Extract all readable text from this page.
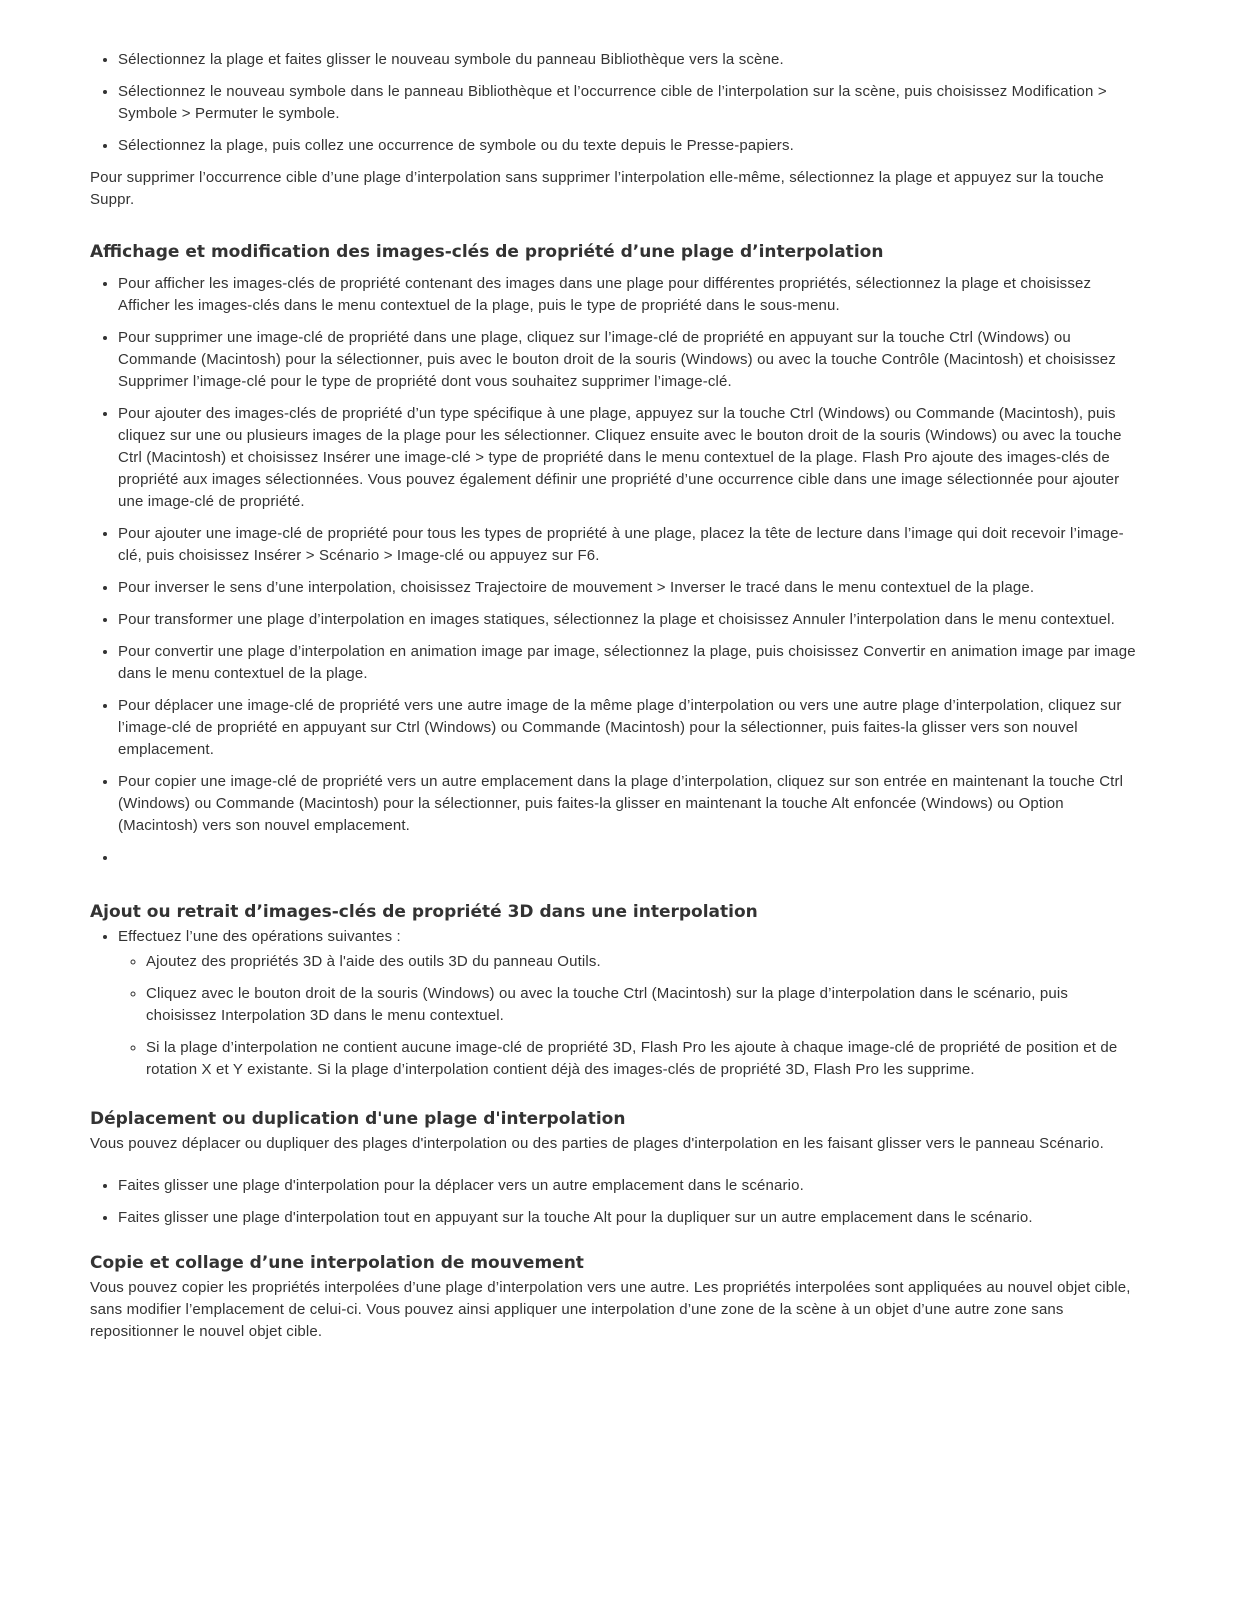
• Sélectionnez la plage et faites glisser le nouveau symbole du panneau Bibliothèque vers la scène.
• Sélectionnez le nouveau symbole dans le panneau Bibliothèque et l’occurrence cible de l’interpolation sur la scène, puis choisissez Modification > Symbole > Permuter le symbole.
• Sélectionnez la plage, puis collez une occurrence de symbole ou du texte depuis le Presse-papiers.

Pour supprimer l’occurrence cible d’une plage d’interpolation sans supprimer l’interpolation elle-même, sélectionnez la plage et appuyez sur la touche Suppr.

Affichage et modification des images-clés de propriété d’une plage d’interpolation
• Pour afficher les images-clés de propriété contenant des images dans une plage pour différentes propriétés, sélectionnez la plage et choisissez Afficher les images-clés dans le menu contextuel de la plage, puis le type de propriété dans le sous-menu.
• Pour supprimer une image-clé de propriété dans une plage, cliquez sur l’image-clé de propriété en appuyant sur la touche Ctrl (Windows) ou Commande (Macintosh) pour la sélectionner, puis avec le bouton droit de la souris (Windows) ou avec la touche Contrôle (Macintosh) et choisissez Supprimer l’image-clé pour le type de propriété dont vous souhaitez supprimer l’image-clé.
• Pour ajouter des images-clés de propriété d’un type spécifique à une plage, appuyez sur la touche Ctrl (Windows) ou Commande (Macintosh), puis cliquez sur une ou plusieurs images de la plage pour les sélectionner. Cliquez ensuite avec le bouton droit de la souris (Windows) ou avec la touche Ctrl (Macintosh) et choisissez Insérer une image-clé > type de propriété dans le menu contextuel de la plage. Flash Pro ajoute des images-clés de propriété aux images sélectionnées. Vous pouvez également définir une propriété d’une occurrence cible dans une image sélectionnée pour ajouter une image-clé de propriété.
• Pour ajouter une image-clé de propriété pour tous les types de propriété à une plage, placez la tête de lecture dans l’image qui doit recevoir l’image-clé, puis choisissez Insérer > Scénario > Image-clé ou appuyez sur F6.
• Pour inverser le sens d’une interpolation, choisissez Trajectoire de mouvement > Inverser le tracé dans le menu contextuel de la plage.
• Pour transformer une plage d’interpolation en images statiques, sélectionnez la plage et choisissez Annuler l’interpolation dans le menu contextuel.
• Pour convertir une plage d’interpolation en animation image par image, sélectionnez la plage, puis choisissez Convertir en animation image par image dans le menu contextuel de la plage.
• Pour déplacer une image-clé de propriété vers une autre image de la même plage d’interpolation ou vers une autre plage d’interpolation, cliquez sur l’image-clé de propriété en appuyant sur Ctrl (Windows) ou Commande (Macintosh) pour la sélectionner, puis faites-la glisser vers son nouvel emplacement.
• Pour copier une image-clé de propriété vers un autre emplacement dans la plage d’interpolation, cliquez sur son entrée en maintenant la touche Ctrl (Windows) ou Commande (Macintosh) pour la sélectionner, puis faites-la glisser en maintenant la touche Alt enfoncée (Windows) ou Option (Macintosh) vers son nouvel emplacement.
•
Ajout ou retrait d’images-clés de propriété 3D dans une interpolation
• Effectuez l’une des opérations suivantes :
◦ Ajoutez des propriétés 3D à l'aide des outils 3D du panneau Outils.
◦ Cliquez avec le bouton droit de la souris (Windows) ou avec la touche Ctrl (Macintosh) sur la plage d’interpolation dans le scénario, puis choisissez Interpolation 3D dans le menu contextuel.
◦ Si la plage d’interpolation ne contient aucune image-clé de propriété 3D, Flash Pro les ajoute à chaque image-clé de propriété de position et de rotation X et Y existante. Si la plage d’interpolation contient déjà des images-clés de propriété 3D, Flash Pro les supprime.
Déplacement ou duplication d'une plage d'interpolation

Vous pouvez déplacer ou dupliquer des plages d'interpolation ou des parties de plages d'interpolation en les faisant glisser vers le panneau Scénario.

• Faites glisser une plage d'interpolation pour la déplacer vers un autre emplacement dans le scénario.
• Faites glisser une plage d'interpolation tout en appuyant sur la touche Alt pour la dupliquer sur un autre emplacement dans le scénario.
Copie et collage d’une interpolation de mouvement

Vous pouvez copier les propriétés interpolées d’une plage d’interpolation vers une autre. Les propriétés interpolées sont appliquées au nouvel objet cible, sans modifier l’emplacement de celui-ci. Vous pouvez ainsi appliquer une interpolation d’une zone de la scène à un objet d’une autre zone sans repositionner le nouvel objet cible.
